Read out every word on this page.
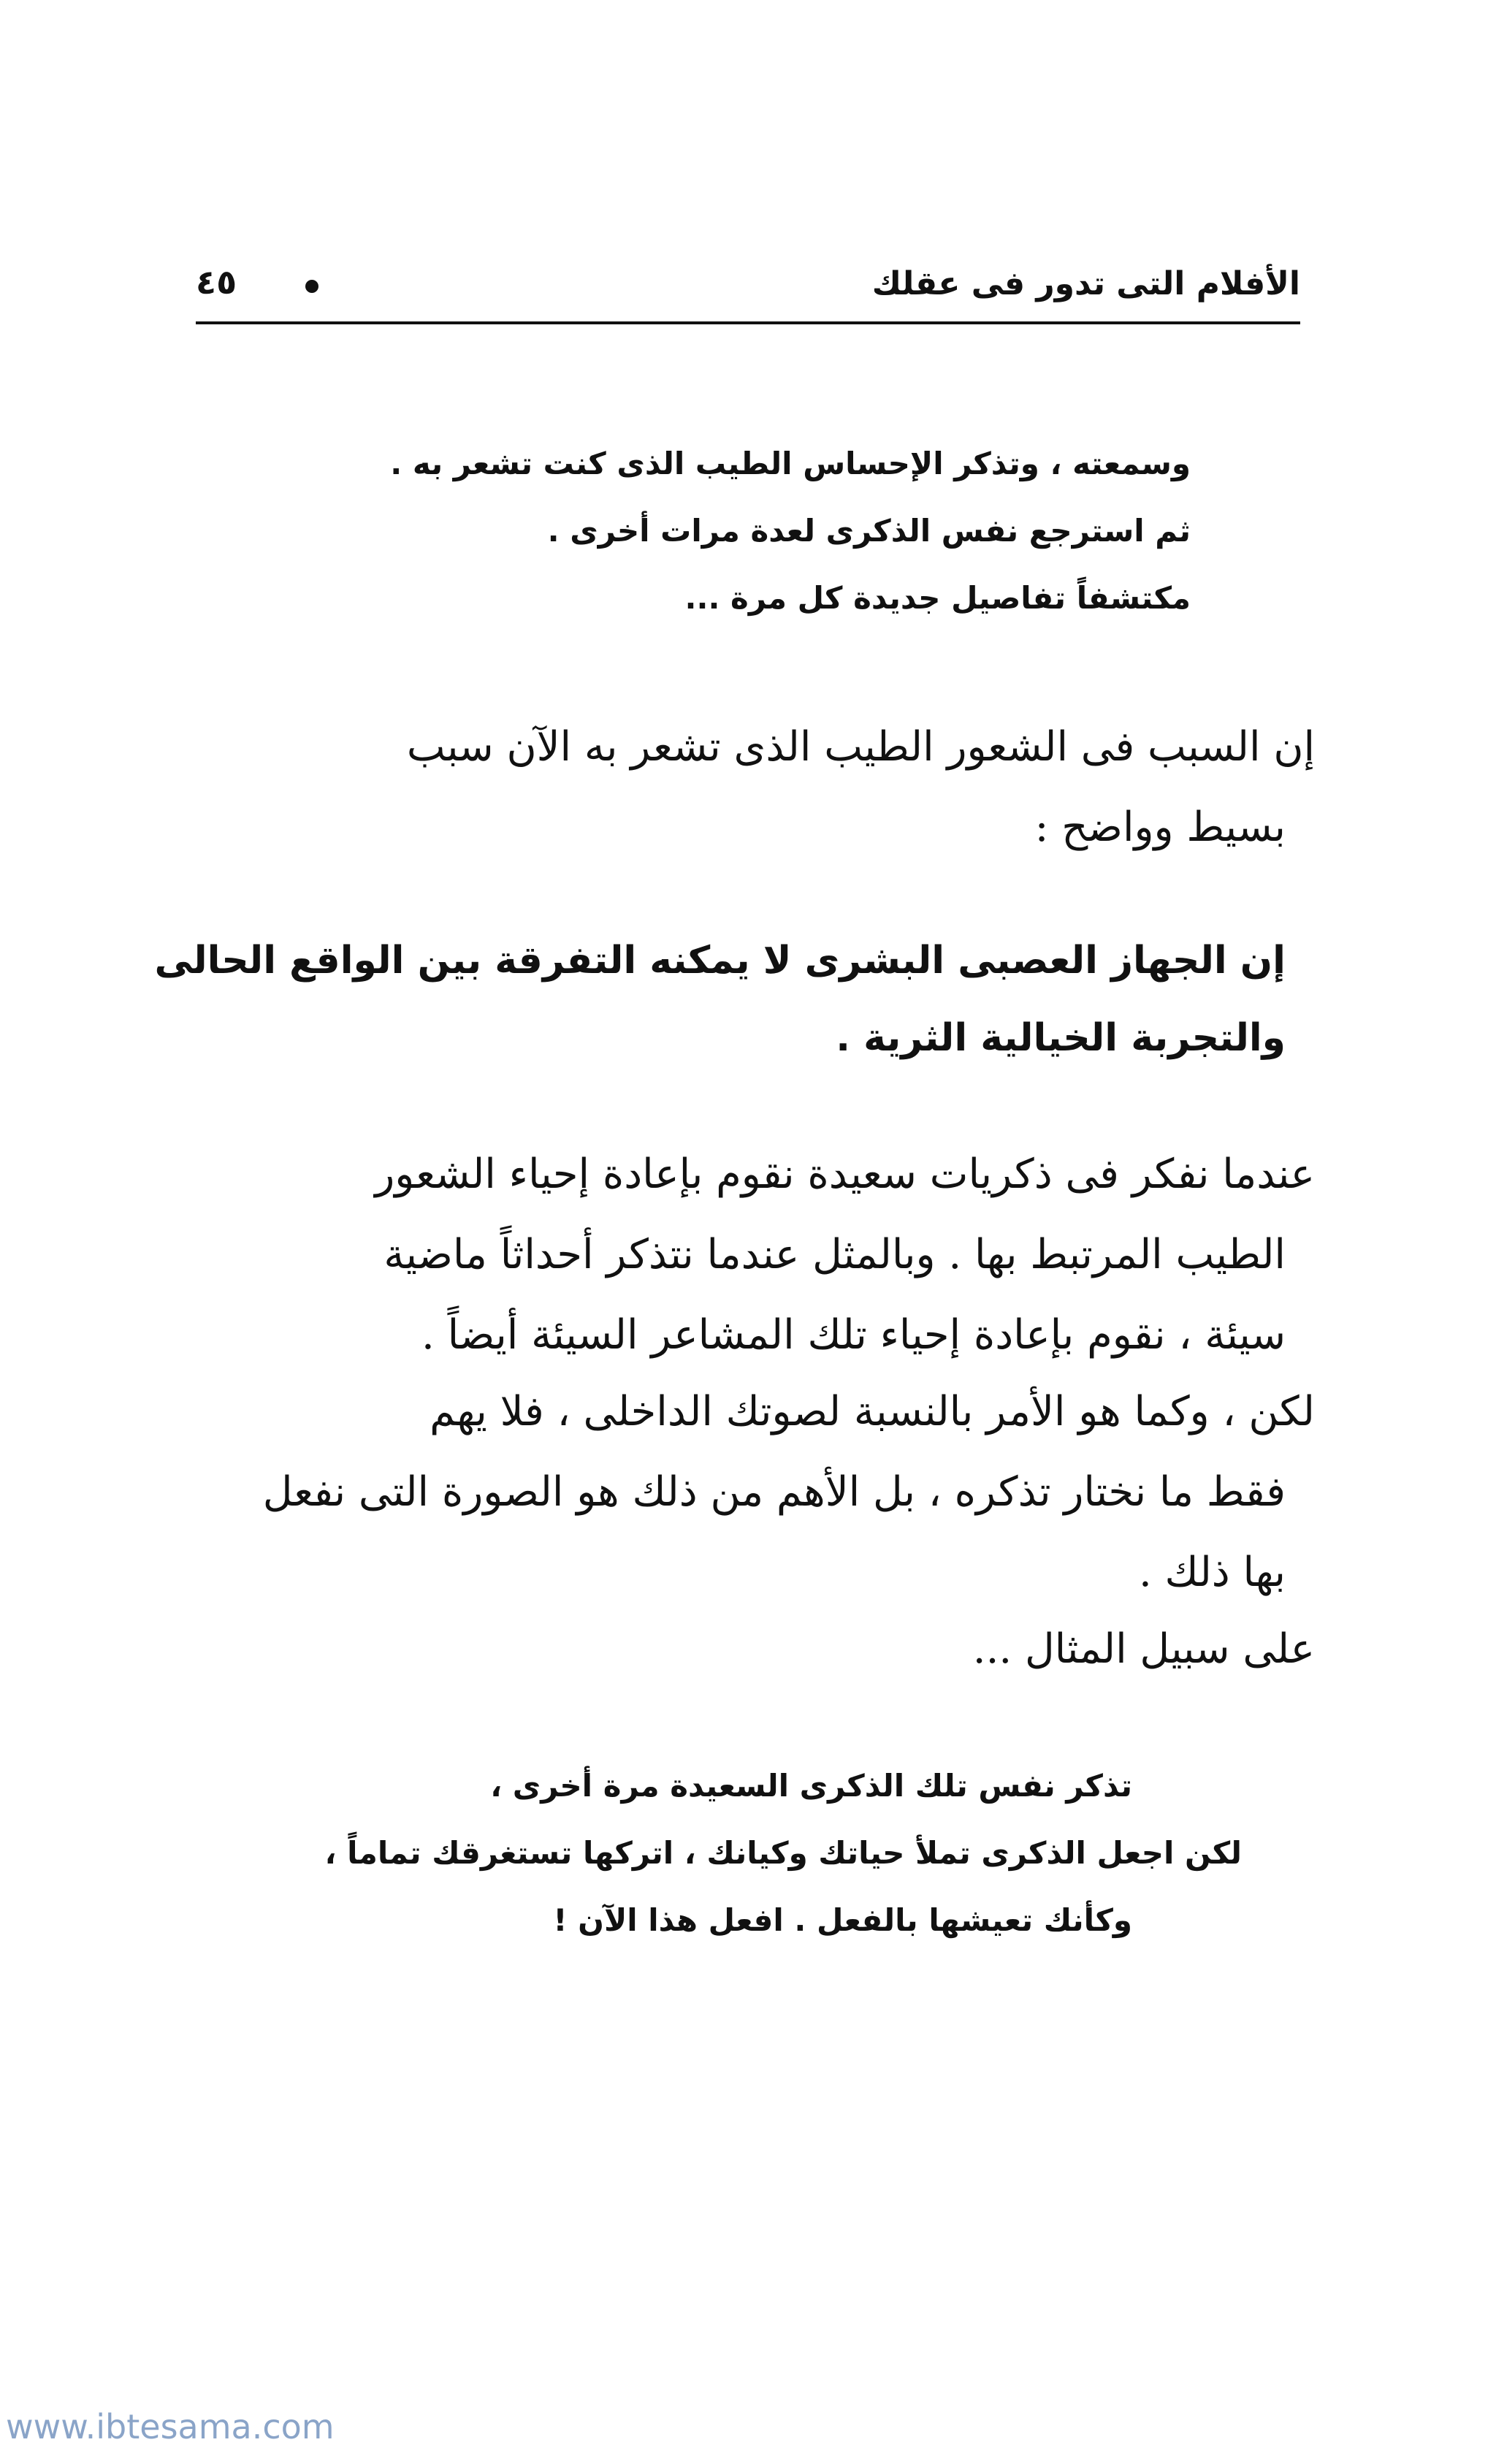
الأفلام التى تدور فى عقلك
٤٥
وسمعته ، وتذكر الإحساس الطيب الذى كنت تشعر به .
ثم استرجع نفس الذكرى لعدة مرات أخرى .
مكتشفاً تفاصيل جديدة كل مرة ...
إن السبب فى الشعور الطيب الذى تشعر به الآن سبب
بسيط وواضح :
إن الجهاز العصبى البشرى لا يمكنه التفرقة بين الواقع الحالى
والتجربة الخيالية الثرية .
عندما نفكر فى ذكريات سعيدة نقوم بإعادة إحياء الشعور
الطيب المرتبط بها . وبالمثل عندما نتذكر أحداثاً ماضية
سيئة ، نقوم بإعادة إحياء تلك المشاعر السيئة أيضاً .
لكن ، وكما هو الأمر بالنسبة لصوتك الداخلى ، فلا يهم
فقط ما نختار تذكره ، بل الأهم من ذلك هو الصورة التى نفعل
بها ذلك .
على سبيل المثال ...
تذكر نفس تلك الذكرى السعيدة مرة أخرى ،
لكن اجعل الذكرى تملأ حياتك وكيانك ، اتركها تستغرقك تماماً ،
وكأنك تعيشها بالفعل . افعل هذا الآن !
www.ibtesama.com
